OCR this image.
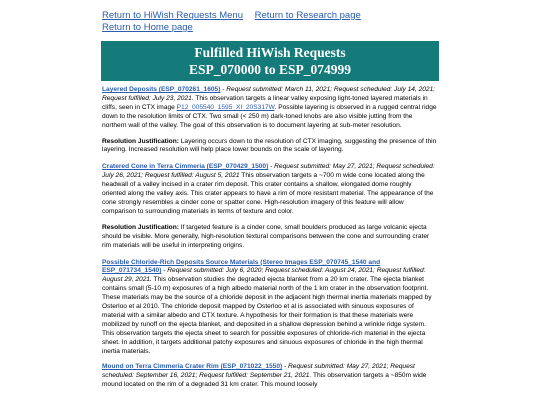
Return to HiWish Requests Menu Return to Research page
Return to Home page
Fulfilled HiWish Requests
ESP_070000 to ESP_074999

Layered Deposits (ESP_070261_1605) - Request submitted: March 11, 2021; Request scheduled: July 14, 2021; Request fulfilled: July 23, 2021. This observation targets a linear valley exposing light-toned layered materials in cliffs, seen in CTX image P12_005540_1595_XI_20S317W. Possible layering is observed in a rugged central ridge down to the resolution limits of CTX. Two small (< 250 m) dark-toned knobs are also visible jutting from the northern wall of the valley. The goal of this observation is to document layering at sub-meter resolution.

Resolution Justification: Layering occurs down to the resolution of CTX imaging, suggesting the presence of thin layering. Increased resolution will help place lower bounds on the scale of layering.

Cratered Cone in Terra Cimmeria (ESP_070429_1500) - Request submitted: May 27, 2021; Request scheduled: July 26, 2021; Request fulfilled: August 5, 2021 This observation targets a ~700 m wide cone located along the headwall of a valley incised in a crater rim deposit. This crater contains a shallow, elongated dome roughly oriented along the valley axis. This crater appears to have a rim of more resistant material. The appearance of the cone strongly resembles a cinder cone or spatter cone. High-resolution imagery of this feature will allow comparison to surrounding materials in terms of texture and color.

Resolution Justification: If targeted feature is a cinder cone, small boulders produced as large volcanic ejecta should be visible. More generally, high-resolution textural comparisons between the cone and surrounding crater rim materials will be useful in interpreting origins.

Possible Chloride-Rich Deposits Source Materials (Stereo Images ESP_070745_1540 and ESP_071734_1540) - Request submitted: July 6, 2020; Request scheduled: August 24, 2021; Request fulfilled: August 29, 2021. This observation studies the degraded ejecta blanket from a 20 km crater. The ejecta blanket contains small (5-10 m) exposures of a high albedo material north of the 1 km crater in the observation footprint. These materials may be the source of a chloride deposit in the adjacent high thermal inertia materials mapped by Osterloo et al 2010. The chloride deposit mapped by Osterloo et al is associated with sinuous exposures of material with a similar albedo and CTX texture. A hypothesis for their formation is that these materials were mobilized by runoff on the ejecta blanket, and deposited in a shallow depression behind a wrinkle ridge system. This observation targets the ejecta sheet to search for possible exposures of chloride-rich material in the ejecta sheet. In addition, it targets additional patchy exposures and sinuous exposures of chloride in the high thermal inertia materials.

Mound on Terra Cimmeria Crater Rim (ESP_071022_1550) - Request submitted: May 27, 2021; Request scheduled: September 16, 2021; Request fulfilled: September 21, 2021. This observation targets a ~850m wide mound located on the rim of a degraded 31 km crater. This mound loosely
